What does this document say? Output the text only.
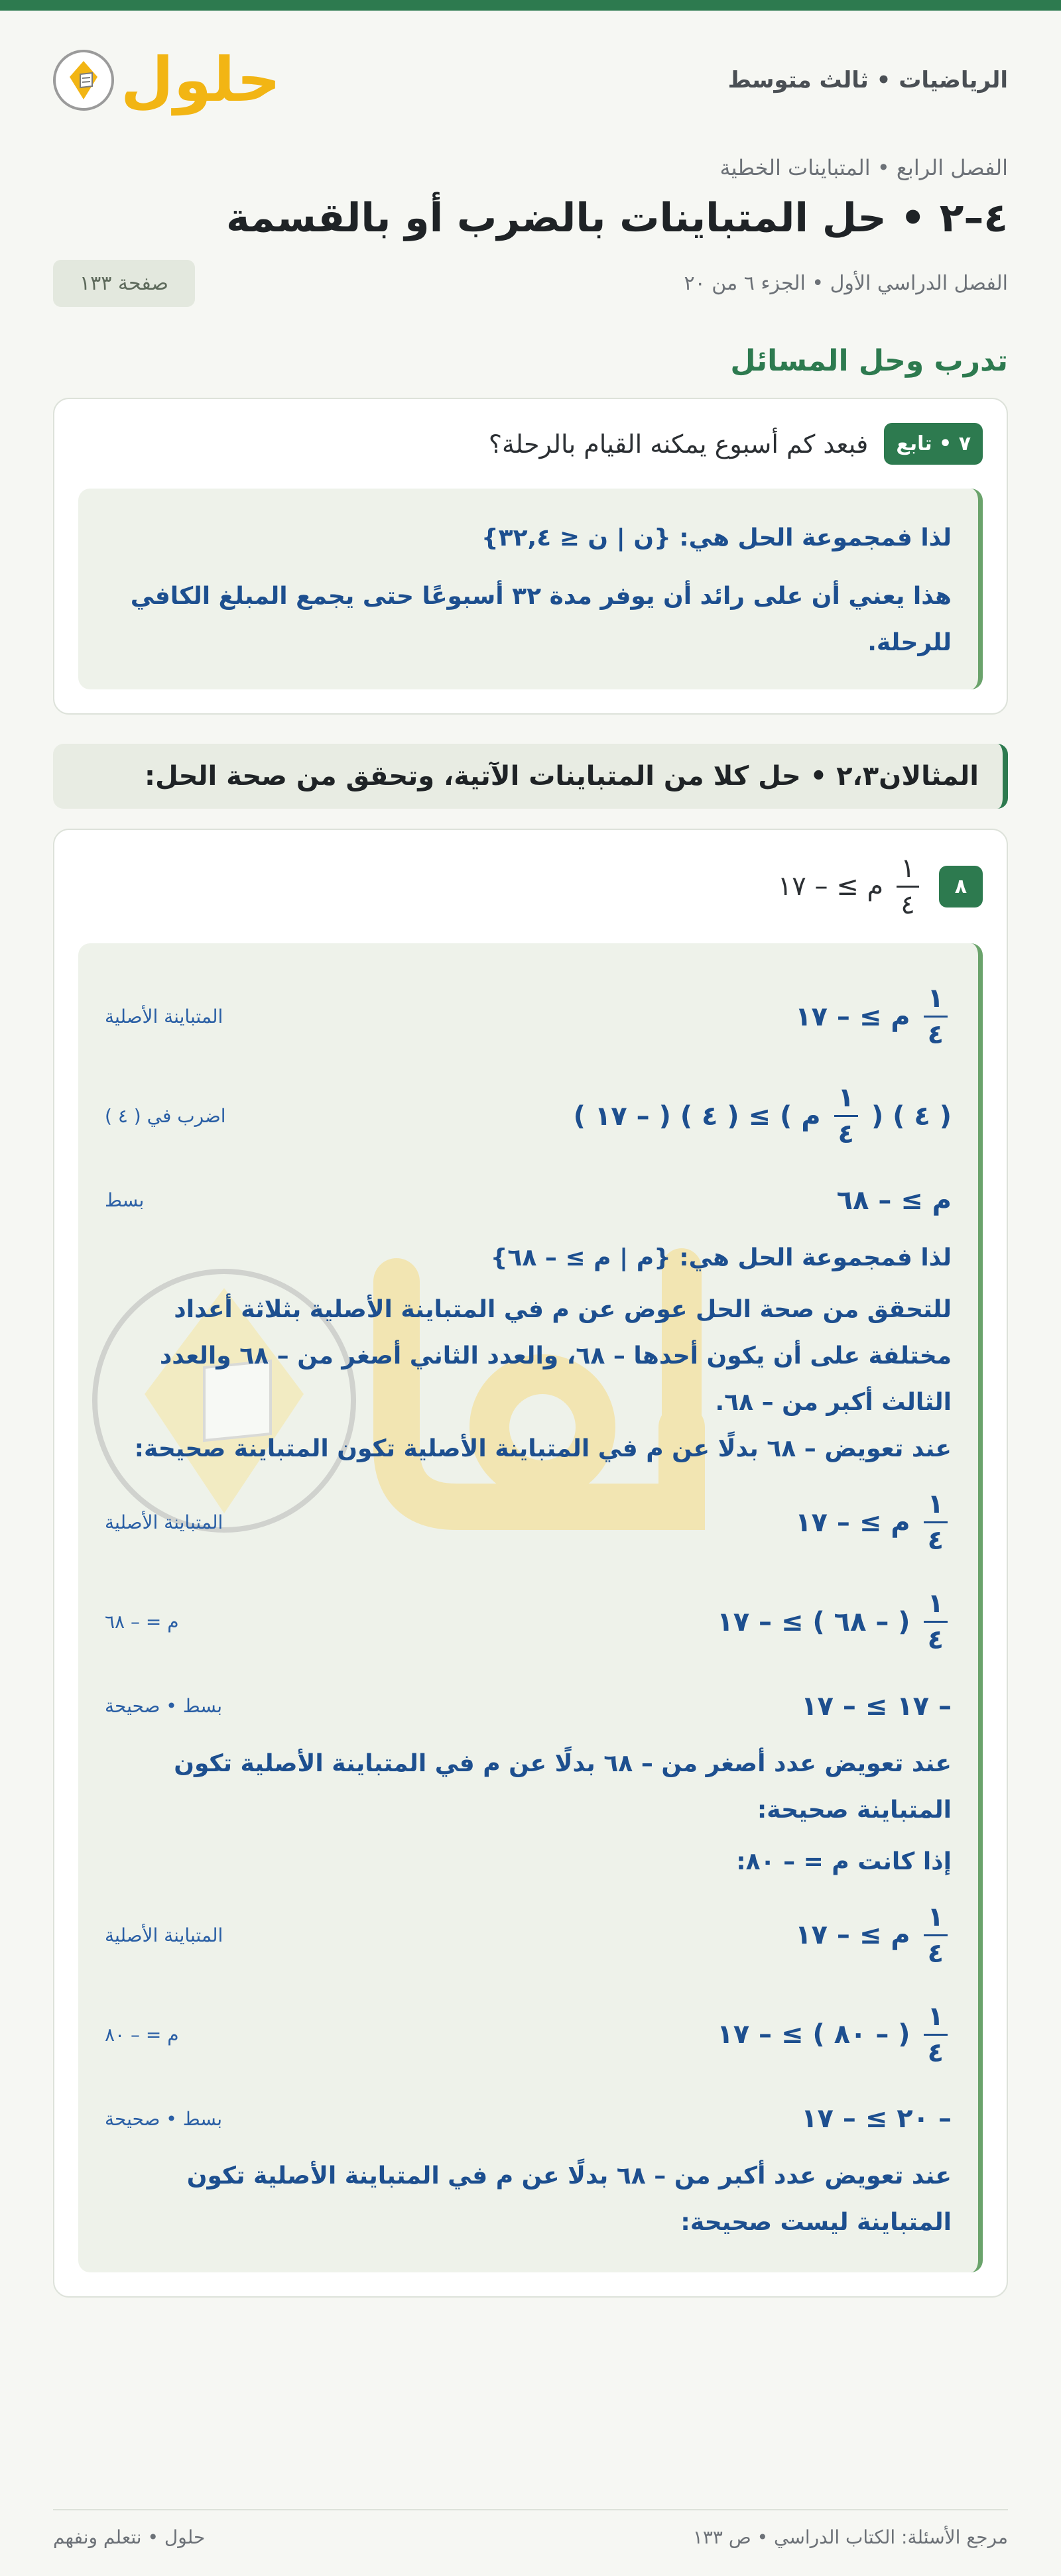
الرياضيات • ثالث متوسط
حلول
الفصل الرابع • المتباينات الخطية
٤–٢ • حل المتباينات بالضرب أو بالقسمة
الفصل الدراسي الأول • الجزء ٦ من ٢٠
صفحة ١٣٣
تدرب وحل المسائل
٧ • تابع
فبعد كم أسبوع يمكنه القيام بالرحلة؟
لذا فمجموعة الحل هي: {ن | ن ≤ ٣٢,٤}
هذا يعني أن على رائد أن يوفر مدة ٣٢ أسبوعًا حتى يجمع المبلغ الكافي للرحلة.
المثالان٢،٣ • حل كلا من المتباينات الآتية، وتحقق من صحة الحل:
٨
$\frac{١}{٤}$
م ≥ – ١٧
$\frac{١}{٤}$
م ≥ – ١٧
المتباينة الأصلية
( ٤ ) (
$\frac{١}{٤}$
م ) ≥ ( ٤ ) ( – ١٧ )
اضرب في ( ٤ )
م ≥ – ٦٨
بسط
لذا فمجموعة الحل هي: {م | م ≥ – ٦٨}
للتحقق من صحة الحل عوض عن م في المتباينة الأصلية بثلاثة أعداد مختلفة على أن يكون أحدها – ٦٨، والعدد الثاني أصغر من – ٦٨ والعدد الثالث أكبر من – ٦٨.
عند تعويض – ٦٨ بدلًا عن م في المتباينة الأصلية تكون المتباينة صحيحة:
$\frac{١}{٤}$
م ≥ – ١٧
المتباينة الأصلية
$\frac{١}{٤}$
( – ٦٨ ) ≥ – ١٧
م = – ٦٨
– ١٧ ≥ – ١٧
بسط • صحيحة
عند تعويض عدد أصغر من – ٦٨ بدلًا عن م في المتباينة الأصلية تكون المتباينة صحيحة:
إذا كانت م = – ٨٠:
$\frac{١}{٤}$
م ≥ – ١٧
المتباينة الأصلية
$\frac{١}{٤}$
( – ٨٠ ) ≥ – ١٧
م = – ٨٠
– ٢٠ ≥ – ١٧
بسط • صحيحة
عند تعويض عدد أكبر من – ٦٨ بدلًا عن م في المتباينة الأصلية تكون المتباينة ليست صحيحة:
مرجع الأسئلة: الكتاب الدراسي • ص ١٣٣
حلول • نتعلم ونفهم
